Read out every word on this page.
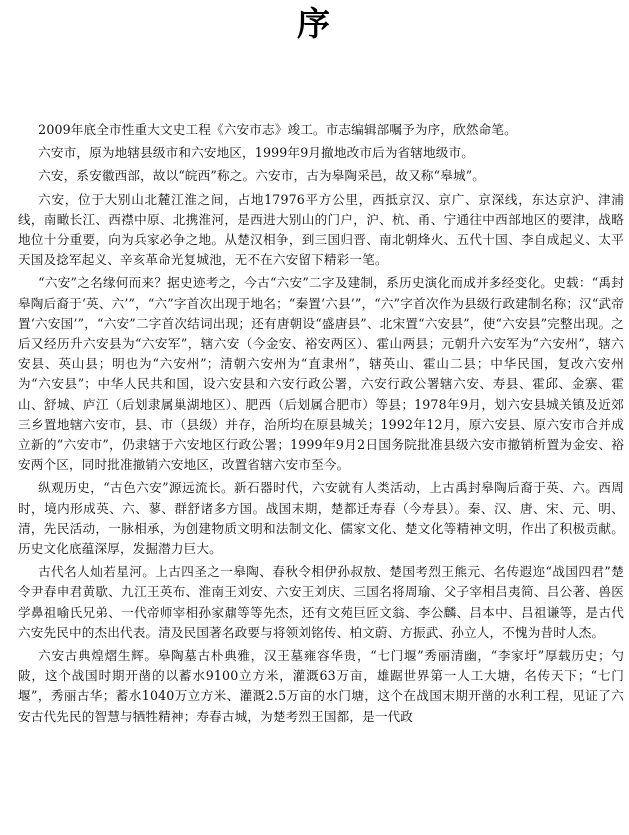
序

2009年底全市性重大文史工程《六安市志》竣工。市志编辑部嘱予为序，欣然命笔。

六安市，原为地辖县级市和六安地区，1999年9月撤地改市后为省辖地级市。

六安，系安徽西部，故以“皖西”称之。六安市，古为皋陶采邑，故又称“皋城”。

六安，位于大别山北麓江淮之间，占地17976平方公里，西抵京汉、京广、京深线，东达京沪、津浦线，南瞰长江、西襟中原、北携淮河，是西进大别山的门户，沪、杭、甬、宁通往中西部地区的要津，战略地位十分重要，向为兵家必争之地。从楚汉相争，到三国归晋、南北朝烽火、五代十国、李自成起义、太平天国及捻军起义、辛亥革命光复城池，无不在六安留下精彩一笔。

“六安”之名缘何而来？据史迹考之，今古“六安”二字及建制，系历史演化而成并多经变化。史载：“禹封皋陶后裔于‘英、六’”，“六”字首次出现于地名；“秦置‘六县’”，“六”字首次作为县级行政建制名称；汉“武帝置‘六安国’”，“六安”二字首次结词出现；还有唐朝设“盛唐县”、北宋置“六安县”，使“六安县”完整出现。之后又经历升六安县为“六安军”，辖六安（今金安、裕安两区）、霍山两县；元朝升六安军为“六安州”，辖六安县、英山县；明也为“六安州”；清朝六安州为“直隶州”，辖英山、霍山二县；中华民国，复改六安州为“六安县”；中华人民共和国，设六安县和六安行政公署，六安行政公署辖六安、寿县、霍邱、金寨、霍山、舒城、庐江（后划隶属巢湖地区）、肥西（后划属合肥市）等县；1978年9月，划六安县城关镇及近郊三乡置地辖六安市，县、市（县级）并存，治所均在原县城关；1992年12月，原六安县、原六安市合并成立新的“六安市”，仍隶辖于六安地区行政公署；1999年9月2日国务院批准县级六安市撤销析置为金安、裕安两个区，同时批准撤销六安地区，改置省辖六安市至今。

纵观历史，“古色六安”源远流长。新石器时代，六安就有人类活动，上古禹封皋陶后裔于英、六。西周时，境内形成英、六、蓼、群舒诸多方国。战国末期，楚都迁寿春（今寿县）。秦、汉、唐、宋、元、明、清，先民活动，一脉相承，为创建物质文明和法制文化、儒家文化、楚文化等精神文明，作出了积极贡献。历史文化底蕴深厚，发掘潜力巨大。

古代名人灿若星河。上古四圣之一皋陶、春秋令相伊孙叔敖、楚国考烈王熊元、名传遐迩“战国四君”楚令尹春申君黄歇、九江王英布、淮南王刘安、六安王刘庆、三国名将周瑜、父子宰相吕夷简、吕公著、兽医学鼻祖喻氏兄弟、一代帝师宰相孙家鼐等等先杰，还有文苑巨匠文翁、李公麟、吕本中、吕祖谦等，是古代六安先民中的杰出代表。清及民国著名政要与将领刘铭传、柏文蔚、方振武、孙立人，不愧为昔时人杰。

六安古典煌熠生辉。皋陶墓古朴典雅，汉王墓雍容华贵，“七门堰”秀丽清幽，“李家圩”厚载历史；勺陂，这个战国时期开凿的以蓄水9100立方米，灌溉63万亩，雄踞世界第一人工大塘，名传天下；“七门堰”，秀丽古华；蓄水1040万立方米、灌溉2.5万亩的水门塘，这个在战国末期开凿的水利工程，见证了六安古代先民的智慧与牺牲精神；寿春古城，为楚考烈王国都，是一代政
